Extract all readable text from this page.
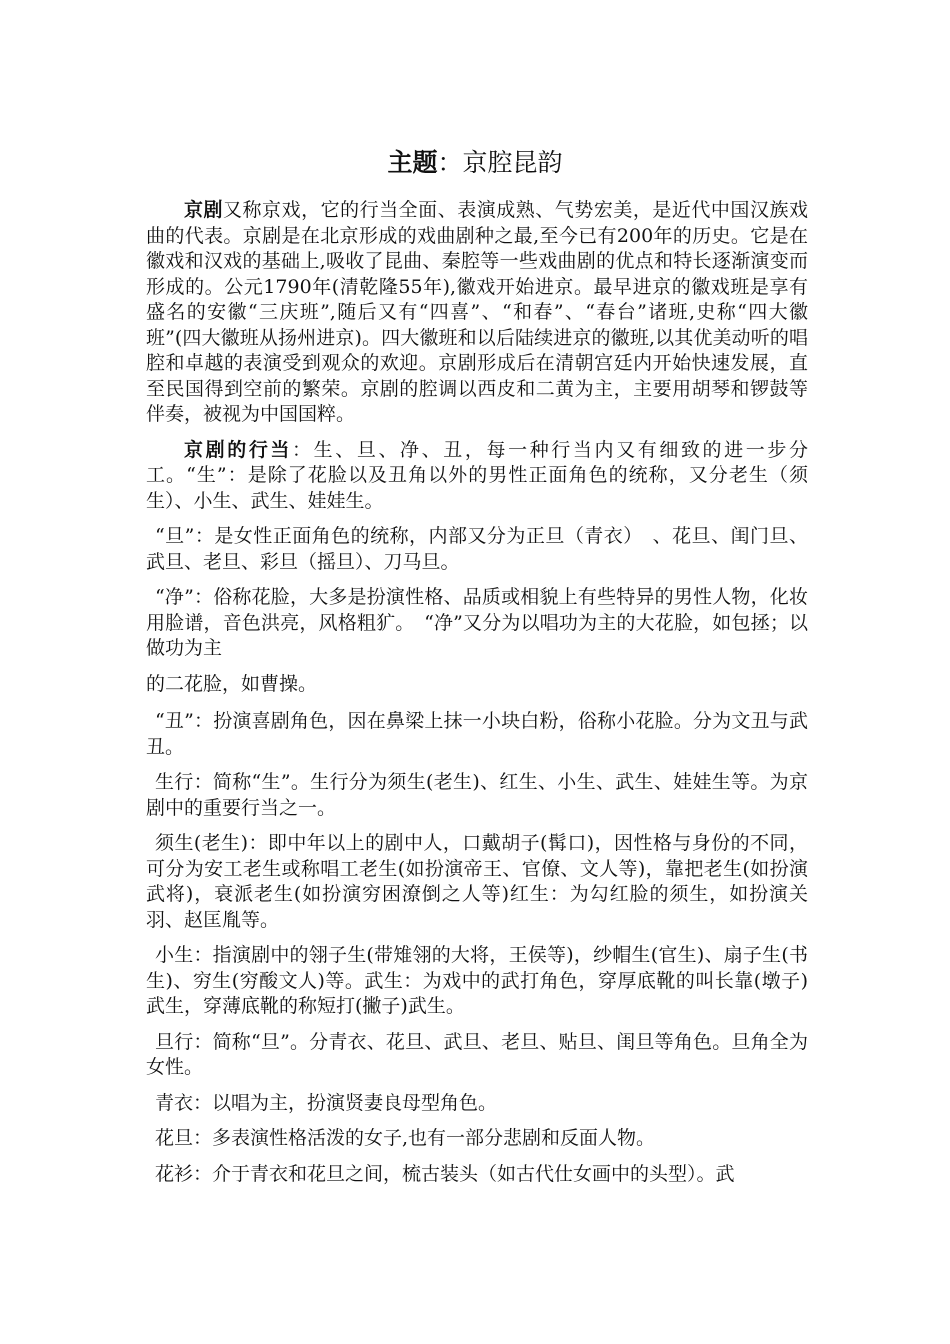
主题：京腔昆韵

京剧又称京戏，它的行当全面、表演成熟、气势宏美，是近代中国汉族戏曲的代表。京剧是在北京形成的戏曲剧种之最,至今已有200年的历史。它是在徽戏和汉戏的基础上,吸收了昆曲、秦腔等一些戏曲剧的优点和特长逐渐演变而形成的。公元1790年(清乾隆55年),徽戏开始进京。最早进京的徽戏班是享有盛名的安徽“三庆班”,随后又有“四喜”、“和春”、“春台”诸班,史称“四大徽班”(四大徽班从扬州进京)。四大徽班和以后陆续进京的徽班,以其优美动听的唱腔和卓越的表演受到观众的欢迎。京剧形成后在清朝宫廷内开始快速发展，直至民国得到空前的繁荣。京剧的腔调以西皮和二黄为主，主要用胡琴和锣鼓等伴奏，被视为中国国粹。

京剧的行当：生、旦、净、丑，每一种行当内又有细致的进一步分工。“生”：是除了花脸以及丑角以外的男性正面角色的统称，又分老生（须生）、小生、武生、娃娃生。

“旦”：是女性正面角色的统称，内部又分为正旦（青衣）　、花旦、闺门旦、武旦、老旦、彩旦（摇旦）、刀马旦。

“净”：俗称花脸，大多是扮演性格、品质或相貌上有些特异的男性人物，化妆用脸谱，音色洪亮，风格粗犷。　“净”又分为以唱功为主的大花脸，如包拯；以做功为主

的二花脸，如曹操。

“丑”：扮演喜剧角色，因在鼻梁上抹一小块白粉，俗称小花脸。分为文丑与武丑。

生行：简称“生”。生行分为须生(老生)、红生、小生、武生、娃娃生等。为京剧中的重要行当之一。

须生(老生)：即中年以上的剧中人，口戴胡子(髯口)，因性格与身份的不同，可分为安工老生或称唱工老生(如扮演帝王、官僚、文人等)，靠把老生(如扮演武将)，衰派老生(如扮演穷困潦倒之人等)红生：为勾红脸的须生，如扮演关羽、赵匡胤等。

小生：指演剧中的翎子生(带雉翎的大将，王侯等)，纱帽生(官生)、扇子生(书生)、穷生(穷酸文人)等。武生：为戏中的武打角色，穿厚底靴的叫长靠(墩子)武生，穿薄底靴的称短打(撇子)武生。

旦行：简称“旦”。分青衣、花旦、武旦、老旦、贴旦、闺旦等角色。旦角全为女性。

青衣：以唱为主，扮演贤妻良母型角色。

花旦：多表演性格活泼的女子,也有一部分悲剧和反面人物。

花衫：介于青衣和花旦之间，梳古装头（如古代仕女画中的头型）。武
